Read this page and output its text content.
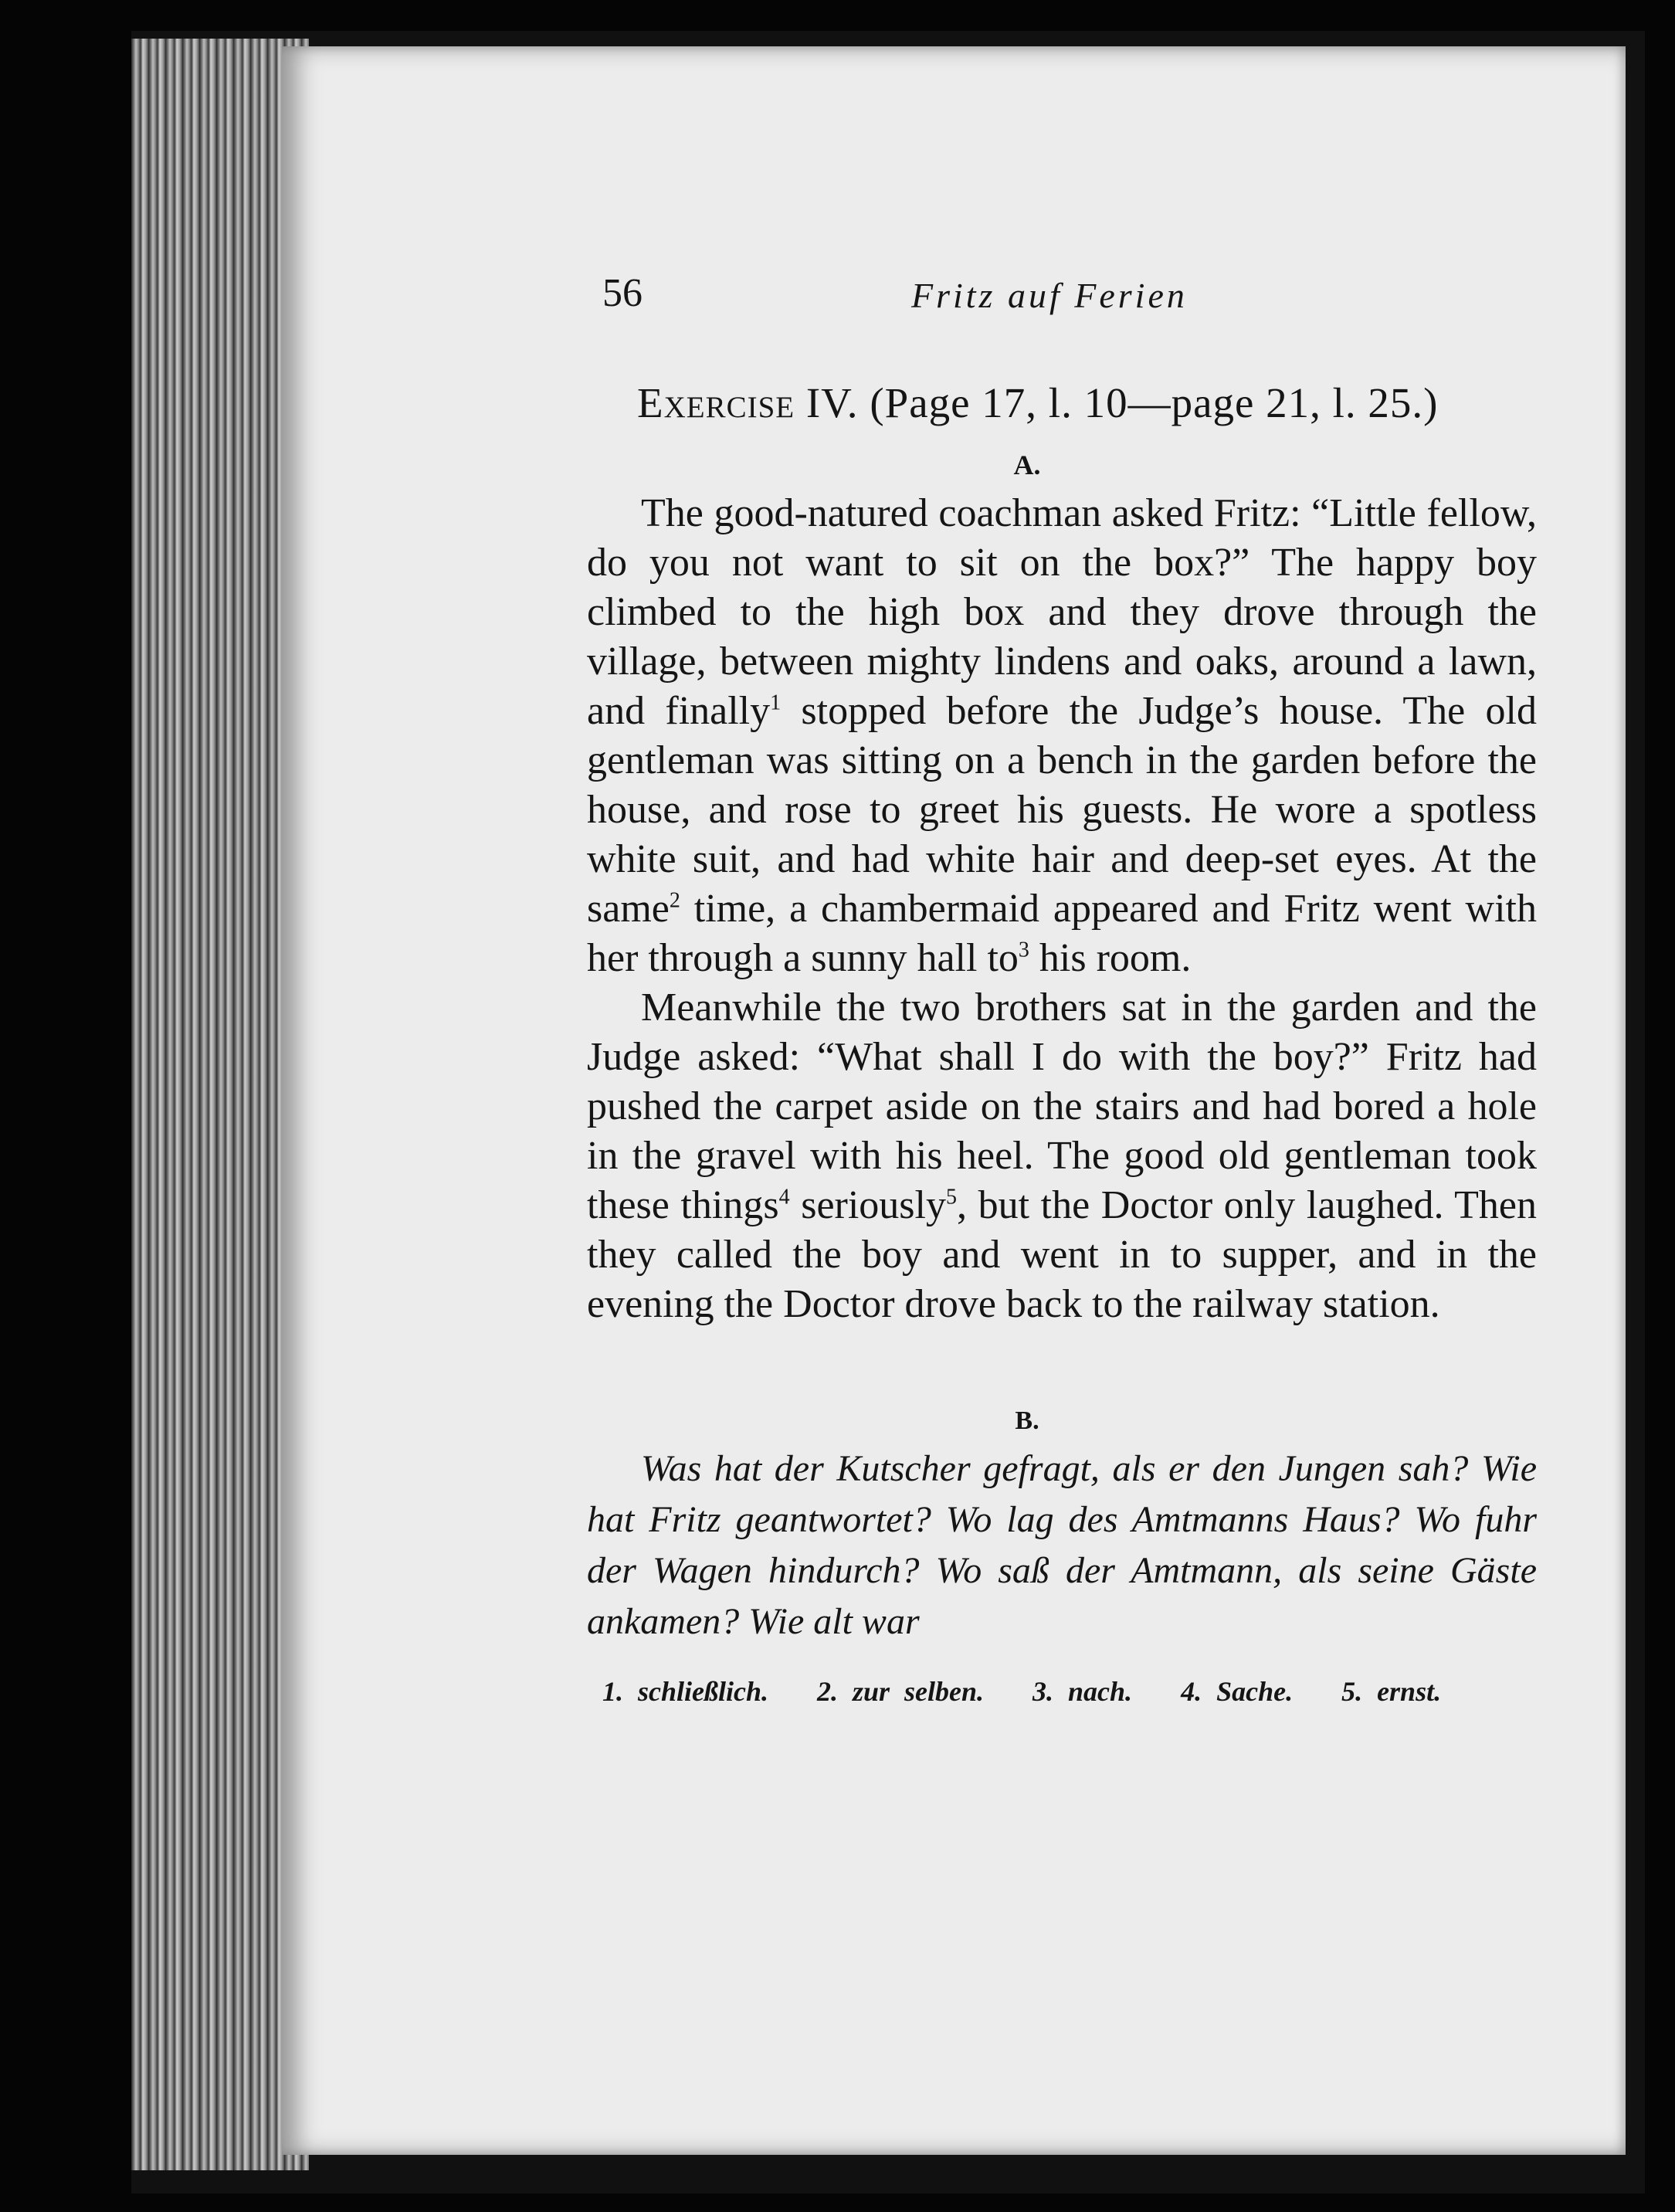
56	Fritz auf Ferien
Exercise IV. (Page 17, l. 10—page 21, l. 25.)
A.

The good-natured coachman asked Fritz: “Little fellow, do you not want to sit on the box?” The happy boy climbed to the high box and they drove through the village, between mighty lindens and oaks, around a lawn, and finally$^1$ stopped before the Judge’s house. The old gentleman was sitting on a bench in the garden before the house, and rose to greet his guests. He wore a spotless white suit, and had white hair and deep-set eyes. At the same$^2$ time, a chambermaid appeared and Fritz went with her through a sunny hall $to^3$ his room.

Meanwhile the two brothers sat in the garden and the Judge asked: “What shall I do with the boy?” Fritz had pushed the carpet aside on the stairs and had bored a hole in the gravel with his heel. The good old gentleman took these things$^4$ seriously$^5$, but the Doctor only laughed. Then they called the boy and went in to supper, and in the evening the Doctor drove back to the railway station.

B.

Was hat der Kutscher gefragt, als er den Jungen sah? Wie hat Fritz geantwortet? Wo lag des Amtmanns Haus? Wo fuhr der Wagen hindurch? Wo saß der Amtmann, als seine Gäste ankamen? Wie alt war

1. schließlich. 2. zur selben. 3. nach. 4. Sache. 5. ernst.
